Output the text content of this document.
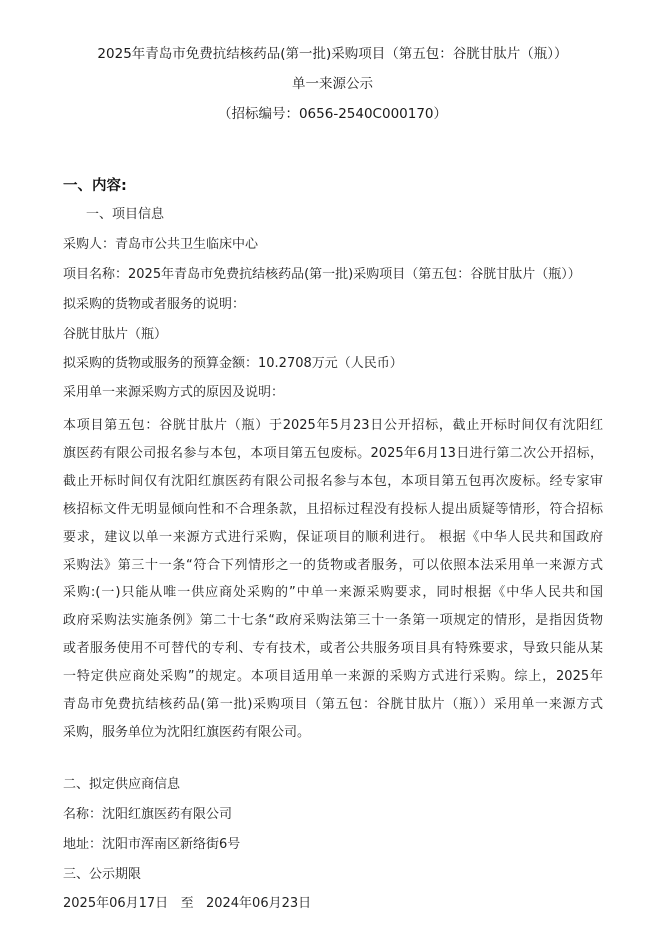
2025年青岛市免费抗结核药品(第一批)采购项目（第五包：谷胱甘肽片（瓶））
单一来源公示
（招标编号：0656-2540C000170）
一、内容:
一、项目信息
采购人：青岛市公共卫生临床中心
项目名称：2025年青岛市免费抗结核药品(第一批)采购项目（第五包：谷胱甘肽片（瓶））
拟采购的货物或者服务的说明：
谷胱甘肽片（瓶）
拟采购的货物或服务的预算金额：10.2708万元（人民币）
采用单一来源采购方式的原因及说明：
本项目第五包：谷胱甘肽片（瓶）于2025年5月23日公开招标，截止开标时间仅有沈阳红
旗医药有限公司报名参与本包，本项目第五包废标。2025年6月13日进行第二次公开招标，
截止开标时间仅有沈阳红旗医药有限公司报名参与本包，本项目第五包再次废标。经专家审
核招标文件无明显倾向性和不合理条款，且招标过程没有投标人提出质疑等情形，符合招标
要求，建议以单一来源方式进行采购，保证项目的顺利进行。 根据《中华人民共和国政府
采购法》第三十一条“符合下列情形之一的货物或者服务，可以依照本法采用单一来源方式
采购:(一)只能从唯一供应商处采购的”中单一来源采购要求，同时根据《中华人民共和国
政府采购法实施条例》第二十七条“政府采购法第三十一条第一项规定的情形，是指因货物
或者服务使用不可替代的专利、专有技术，或者公共服务项目具有特殊要求，导致只能从某
一特定供应商处采购”的规定。本项目适用单一来源的采购方式进行采购。综上，2025年
青岛市免费抗结核药品(第一批)采购项目（第五包：谷胱甘肽片（瓶））采用单一来源方式
采购，服务单位为沈阳红旗医药有限公司。
二、拟定供应商信息
名称：沈阳红旗医药有限公司
地址：沈阳市浑南区新络街6号
三、公示期限
2025年06月17日   至   2024年06月23日
